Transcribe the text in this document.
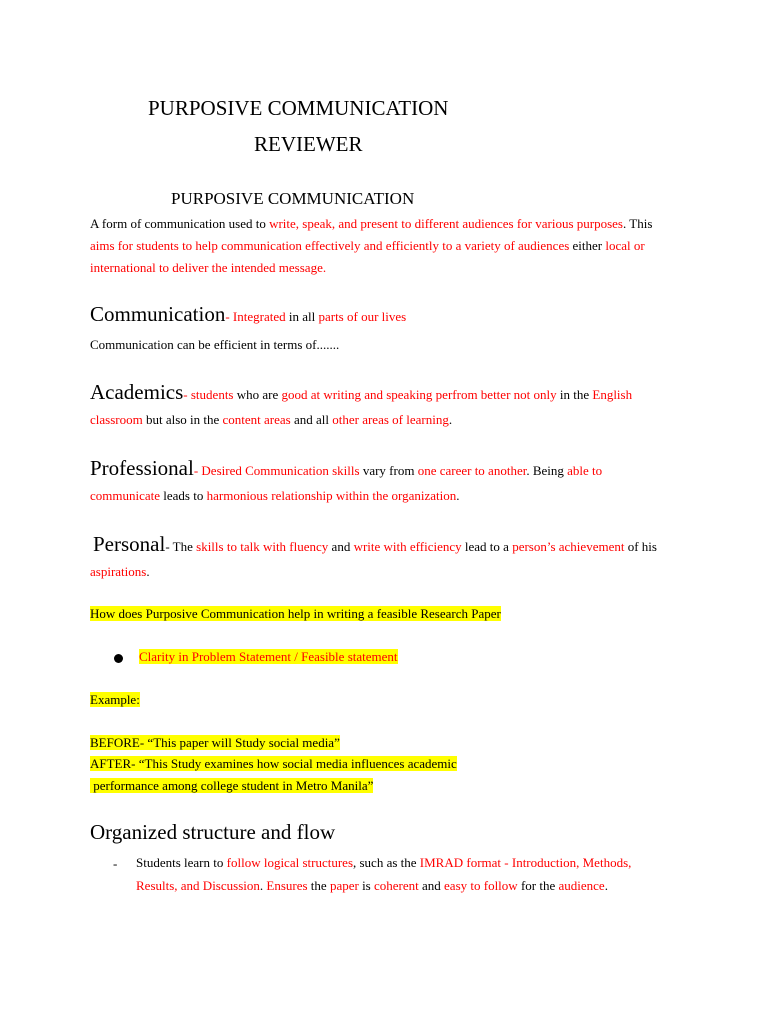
PURPOSIVE COMMUNICATION
REVIEWER
PURPOSIVE COMMUNICATION
A form of communication used to write, speak, and present to different audiences for various purposes. This
aims for students to help communication effectively and efficiently to a variety of audiences either local or
international to deliver the intended message.
Communication- Integrated in all parts of our lives
Communication can be efficient in terms of.......
Academics- students who are good at writing and speaking perfrom better not only in the English
classroom but also in the content areas and all other areas of learning.
Professional- Desired Communication skills vary from one career to another. Being able to
communicate leads to harmonious relationship within the organization.
Personal- The skills to talk with fluency and write with efficiency lead to a person’s achievement of his
aspirations.
How does Purposive Communication help in writing a feasible Research Paper
Clarity in Problem Statement / Feasible statement
Example:
BEFORE- “This paper will Study social media”
AFTER- “This Study examines how social media influences academic
performance among college student in Metro Manila”
Organized structure and flow
- Students learn to follow logical structures, such as the IMRAD format - Introduction, Methods,
Results, and Discussion. Ensures the paper is coherent and easy to follow for the audience.
